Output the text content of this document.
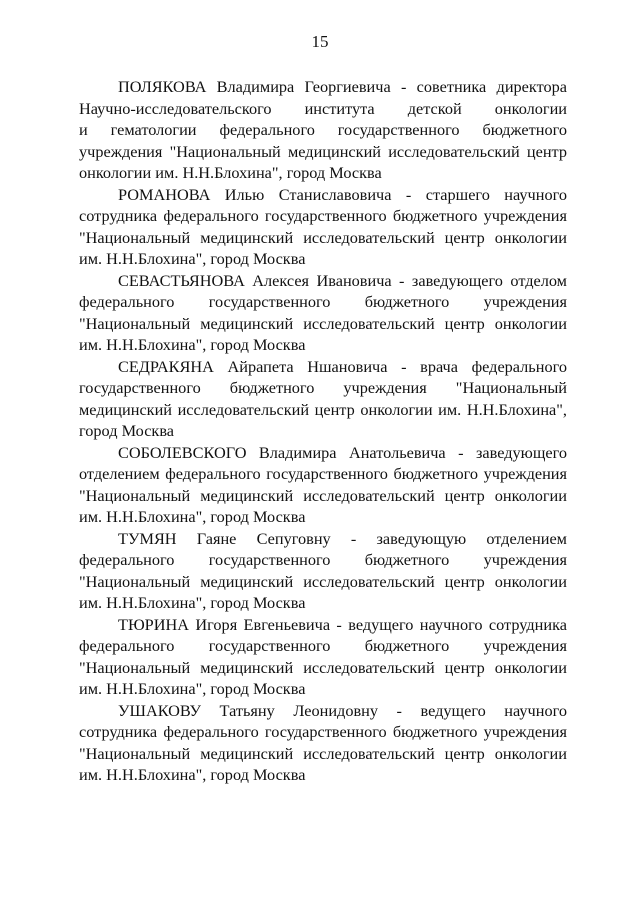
15
ПОЛЯКОВА Владимира Георгиевича - советника директора
Научно-исследовательского института детской онкологии
и гематологии федерального государственного бюджетного
учреждения "Национальный медицинский исследовательский центр
онкологии им. Н.Н.Блохина", город Москва
РОМАНОВА Илью Станиславовича - старшего научного
сотрудника федерального государственного бюджетного учреждения
"Национальный медицинский исследовательский центр онкологии
им. Н.Н.Блохина", город Москва
СЕВАСТЬЯНОВА Алексея Ивановича - заведующего отделом
федерального государственного бюджетного учреждения
"Национальный медицинский исследовательский центр онкологии
им. Н.Н.Блохина", город Москва
СЕДРАКЯНА Айрапета Ншановича - врача федерального
государственного бюджетного учреждения "Национальный
медицинский исследовательский центр онкологии им. Н.Н.Блохина",
город Москва
СОБОЛЕВСКОГО Владимира Анатольевича - заведующего
отделением федерального государственного бюджетного учреждения
"Национальный медицинский исследовательский центр онкологии
им. Н.Н.Блохина", город Москва
ТУМЯН Гаяне Сепуговну - заведующую отделением
федерального государственного бюджетного учреждения
"Национальный медицинский исследовательский центр онкологии
им. Н.Н.Блохина", город Москва
ТЮРИНА Игоря Евгеньевича - ведущего научного сотрудника
федерального государственного бюджетного учреждения
"Национальный медицинский исследовательский центр онкологии
им. Н.Н.Блохина", город Москва
УШАКОВУ Татьяну Леонидовну - ведущего научного
сотрудника федерального государственного бюджетного учреждения
"Национальный медицинский исследовательский центр онкологии
им. Н.Н.Блохина", город Москва
